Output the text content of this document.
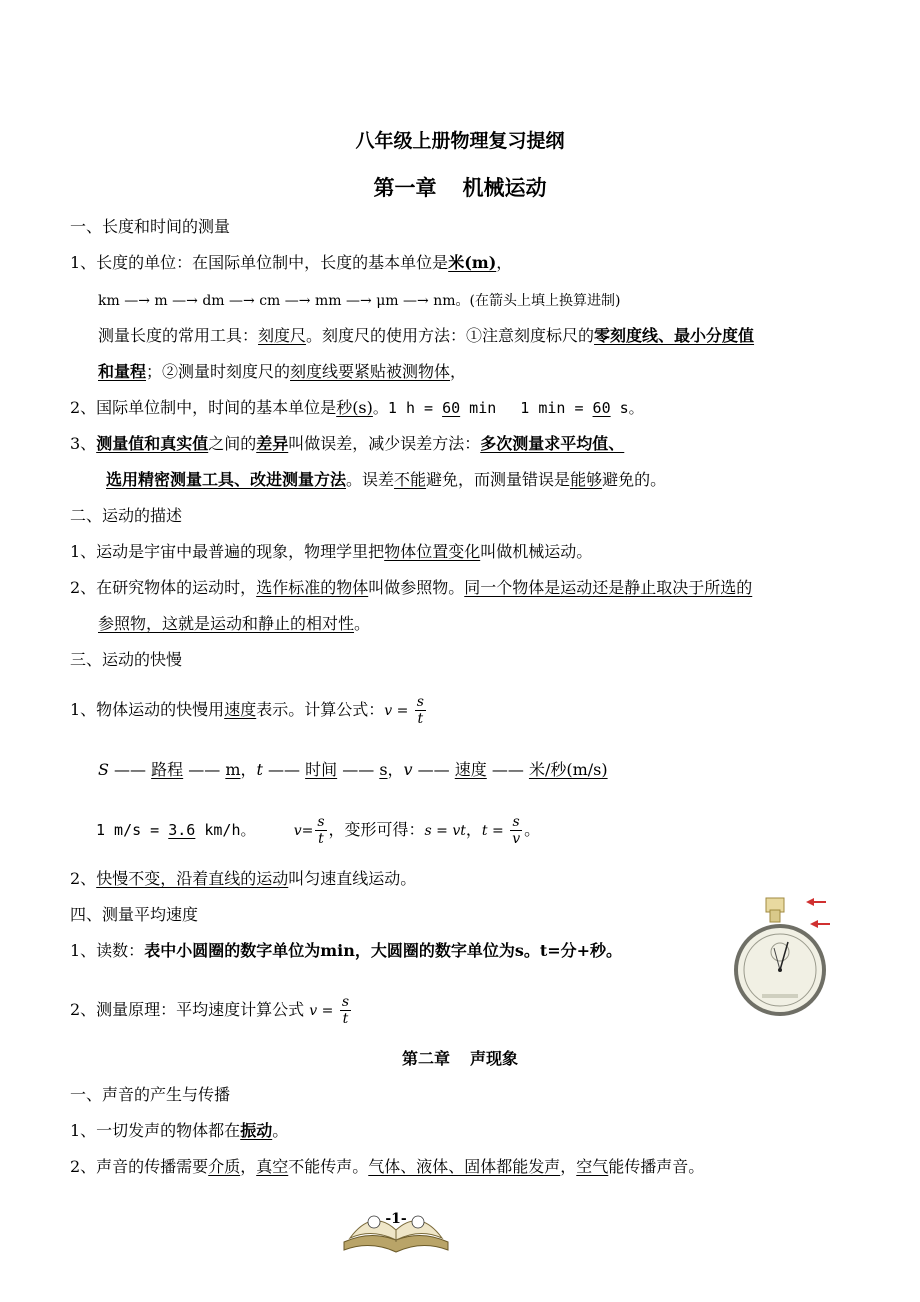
八年级上册物理复习提纲
第一章 机械运动
一、长度和时间的测量
1、长度的单位：在国际单位制中，长度的基本单位是米(m)，
km —→ m —→ dm —→ cm —→ mm —→ μm —→ nm。(在箭头上填上换算进制)
测量长度的常用工具：刻度尺。刻度尺的使用方法：①注意刻度标尺的零刻度线、最小分度值
和量程；②测量时刻度尺的刻度线要紧贴被测物体，
2、国际单位制中，时间的基本单位是秒(s)。1 h = 60 min　 1 min = 60 s。
3、测量值和真实值之间的差异叫做误差，减少误差方法：多次测量求平均值、
选用精密测量工具、改进测量方法。误差不能避免，而测量错误是能够避免的。
二、运动的描述
1、运动是宇宙中最普遍的现象，物理学里把物体位置变化叫做机械运动。
2、在研究物体的运动时，选作标准的物体叫做参照物。同一个物体是运动还是静止取决于所选的
参照物，这就是运动和静止的相对性。
三、运动的快慢
1、物体运动的快慢用速度表示。计算公式：$v = \frac{s}{t}$
S —— 路程 —— m，t —— 时间 —— s，v —— 速度 —— 米/秒(m/s)
1 m/s = 3.6 km/h。	$v= \frac{s}{t}$ ，变形可得：s = vt，$t = \frac{s}{v}$ 。
2、快慢不变，沿着直线的运动叫匀速直线运动。
四、测量平均速度
1、读数：表中小圆圈的数字单位为min，大圆圈的数字单位为s。t=分+秒。
2、测量原理：平均速度计算公式 $v = \frac{s}{t}$
第二章 声现象
一、声音的产生与传播
1、一切发声的物体都在振动。
2、声音的传播需要介质，真空不能传声。气体、液体、固体都能发声，空气能传播声音。
-1-
